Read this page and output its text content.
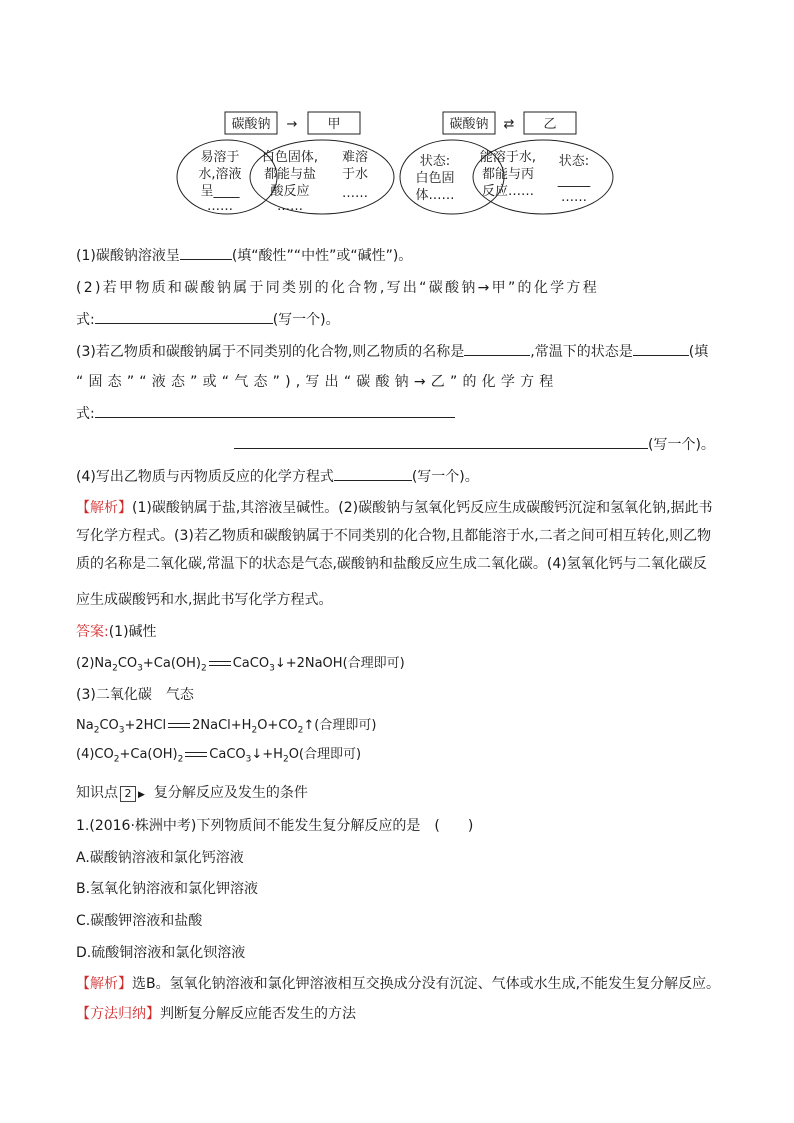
碳酸钠 → 甲
易溶于
水,溶液
呈____
……
白色固体,
都能与盐
酸反应
……
难溶
于水
……
碳酸钠 ⇄ 乙
状态:
白色固
体……
能溶于水,
都能与丙
反应……
状态:
_____
……
(1)碳酸钠溶液呈	(填“酸性”“中性”或“碱性”)。
(2)若甲物质和碳酸钠属于同类别的化合物,写出“碳酸钠→甲”的化学方程
式:	(写一个)。
(3)若乙物质和碳酸钠属于不同类别的化合物,则乙物质的名称是	,常温下的状态是	(填
“固态”“液态”或“气态”),写出“碳酸钠→乙”的化学方程
式:
(写一个)。
(4)写出乙物质与丙物质反应的化学方程式	(写一个)。
【解析】(1)碳酸钠属于盐,其溶液呈碱性。(2)碳酸钠与氢氧化钙反应生成碳酸钙沉淀和氢氧化钠,据此书
写化学方程式。(3)若乙物质和碳酸钠属于不同类别的化合物,且都能溶于水,二者之间可相互转化,则乙物
质的名称是二氧化碳,常温下的状态是气态,碳酸钠和盐酸反应生成二氧化碳。(4)氢氧化钙与二氧化碳反
应生成碳酸钙和水,据此书写化学方程式。
答案:(1)碱性
$(2)Na_2CO_3+Ca(OH)_2$ CaCO$_3$↓+2NaOH(合理即可)
(3)二氧化碳　气态
$Na_2CO_3+2HCl$ $2NaCl+H_2O+CO_2↑$(合理即可)
$(4)CO_2+Ca(OH)_2$ $CaCO_3↓+H_2O$(合理即可)
知识点 2 ▶ 复分解反应及发生的条件
1.(2016·株洲中考)下列物质间不能发生复分解反应的是　(　　)
A.碳酸钠溶液和氯化钙溶液
B.氢氧化钠溶液和氯化钾溶液
C.碳酸钾溶液和盐酸
D.硫酸铜溶液和氯化钡溶液
【解析】选B。氢氧化钠溶液和氯化钾溶液相互交换成分没有沉淀、气体或水生成,不能发生复分解反应。
【方法归纳】判断复分解反应能否发生的方法
